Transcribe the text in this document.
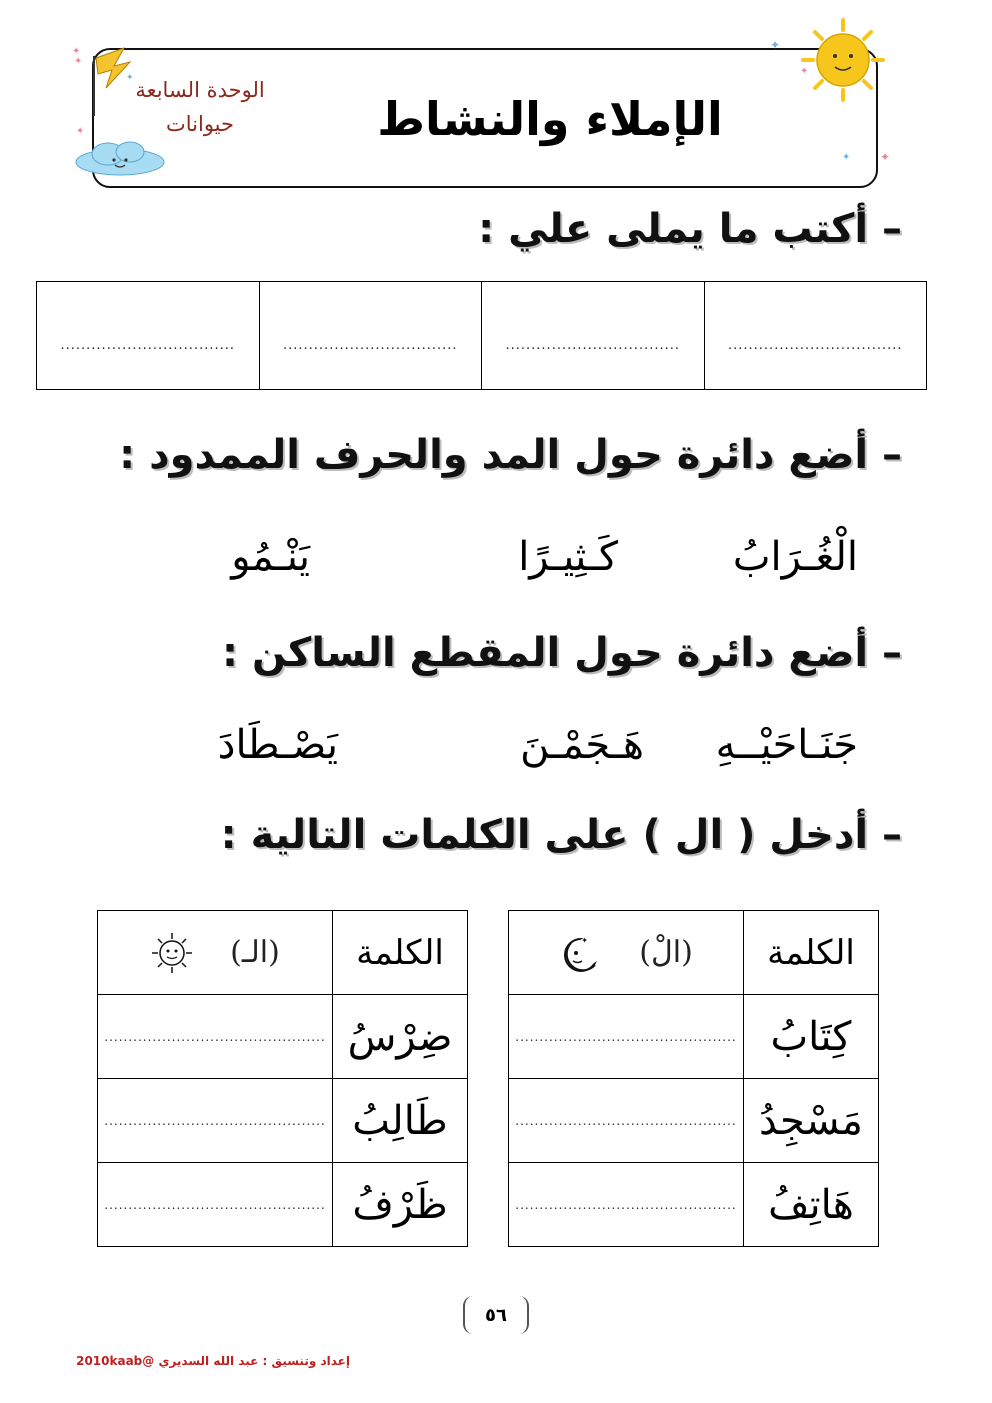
✦
✦
✦
✦
✦
✦
✦
✦
الوحدة السابعة
حيوانات	الإملاء والنشاط
– أكتب ما يملى علي :
..................................
..................................
..................................
..................................
– أضع دائرة حول المد والحرف الممدود :
الْغُـرَابُ
كَـثِيـرًا
يَنْـمُو
– أضع دائرة حول المقطع الساكن :
جَنَـاحَيْــهِ
هَـجَمْـنَ
يَصْـطَادَ
– أدخل ( ال ) على الكلمات التالية :
الكلمة	(الْ)
✦

كِتَابُ	..............................................
مَسْجِدُ	..............................................
هَاتِفُ	..............................................
الكلمة	(الـ)

ضِرْسُ	..............................................
طَالِبُ	..............................................
ظَرْفُ	..............................................
٥٦
إعداد وتنسيق : عبد الله السديري @2010kaab
